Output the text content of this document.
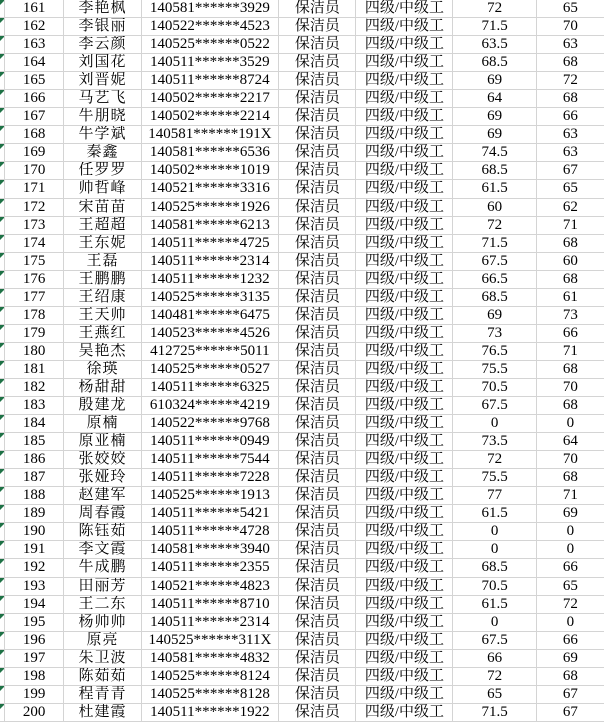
161	李艳枫	140581******3929	保洁员	四级/中级工	72	65
162	李银丽	140522******4523	保洁员	四级/中级工	71.5	70
163	李云颜	140525******0522	保洁员	四级/中级工	63.5	63
164	刘国花	140511******3529	保洁员	四级/中级工	68.5	68
165	刘晋妮	140511******8724	保洁员	四级/中级工	69	72
166	马艺飞	140502******2217	保洁员	四级/中级工	64	68
167	牛朋晓	140502******2214	保洁员	四级/中级工	69	66
168	牛学斌	140581******191X	保洁员	四级/中级工	69	63
169	秦鑫	140581******6536	保洁员	四级/中级工	74.5	63
170	任罗罗	140502******1019	保洁员	四级/中级工	68.5	67
171	帅哲峰	140521******3316	保洁员	四级/中级工	61.5	65
172	宋苗苗	140525******1926	保洁员	四级/中级工	60	62
173	王超超	140581******6213	保洁员	四级/中级工	72	71
174	王东妮	140511******4725	保洁员	四级/中级工	71.5	68
175	王磊	140511******2314	保洁员	四级/中级工	67.5	60
176	王鹏鹏	140511******1232	保洁员	四级/中级工	66.5	68
177	王绍康	140525******3135	保洁员	四级/中级工	68.5	61
178	王天帅	140481******6475	保洁员	四级/中级工	69	73
179	王燕红	140523******4526	保洁员	四级/中级工	73	66
180	吴艳杰	412725******5011	保洁员	四级/中级工	76.5	71
181	徐瑛	140525******0527	保洁员	四级/中级工	75.5	68
182	杨甜甜	140511******6325	保洁员	四级/中级工	70.5	70
183	殷建龙	610324******4219	保洁员	四级/中级工	67.5	68
184	原楠	140522******9768	保洁员	四级/中级工	0	0
185	原亚楠	140511******0949	保洁员	四级/中级工	73.5	64
186	张姣姣	140511******7544	保洁员	四级/中级工	72	70
187	张娅玲	140511******7228	保洁员	四级/中级工	75.5	68
188	赵建军	140525******1913	保洁员	四级/中级工	77	71
189	周春霞	140511******5421	保洁员	四级/中级工	61.5	69
190	陈钰茹	140511******4728	保洁员	四级/中级工	0	0
191	李文霞	140581******3940	保洁员	四级/中级工	0	0
192	牛成鹏	140511******2355	保洁员	四级/中级工	68.5	66
193	田丽芳	140521******4823	保洁员	四级/中级工	70.5	65
194	王二东	140511******8710	保洁员	四级/中级工	61.5	72
195	杨帅帅	140511******2314	保洁员	四级/中级工	0	0
196	原亮	140525******311X	保洁员	四级/中级工	67.5	66
197	朱卫波	140581******4832	保洁员	四级/中级工	66	69
198	陈茹茹	140525******8124	保洁员	四级/中级工	72	68
199	程青青	140525******8128	保洁员	四级/中级工	65	67
200	杜建霞	140511******1922	保洁员	四级/中级工	71.5	67
